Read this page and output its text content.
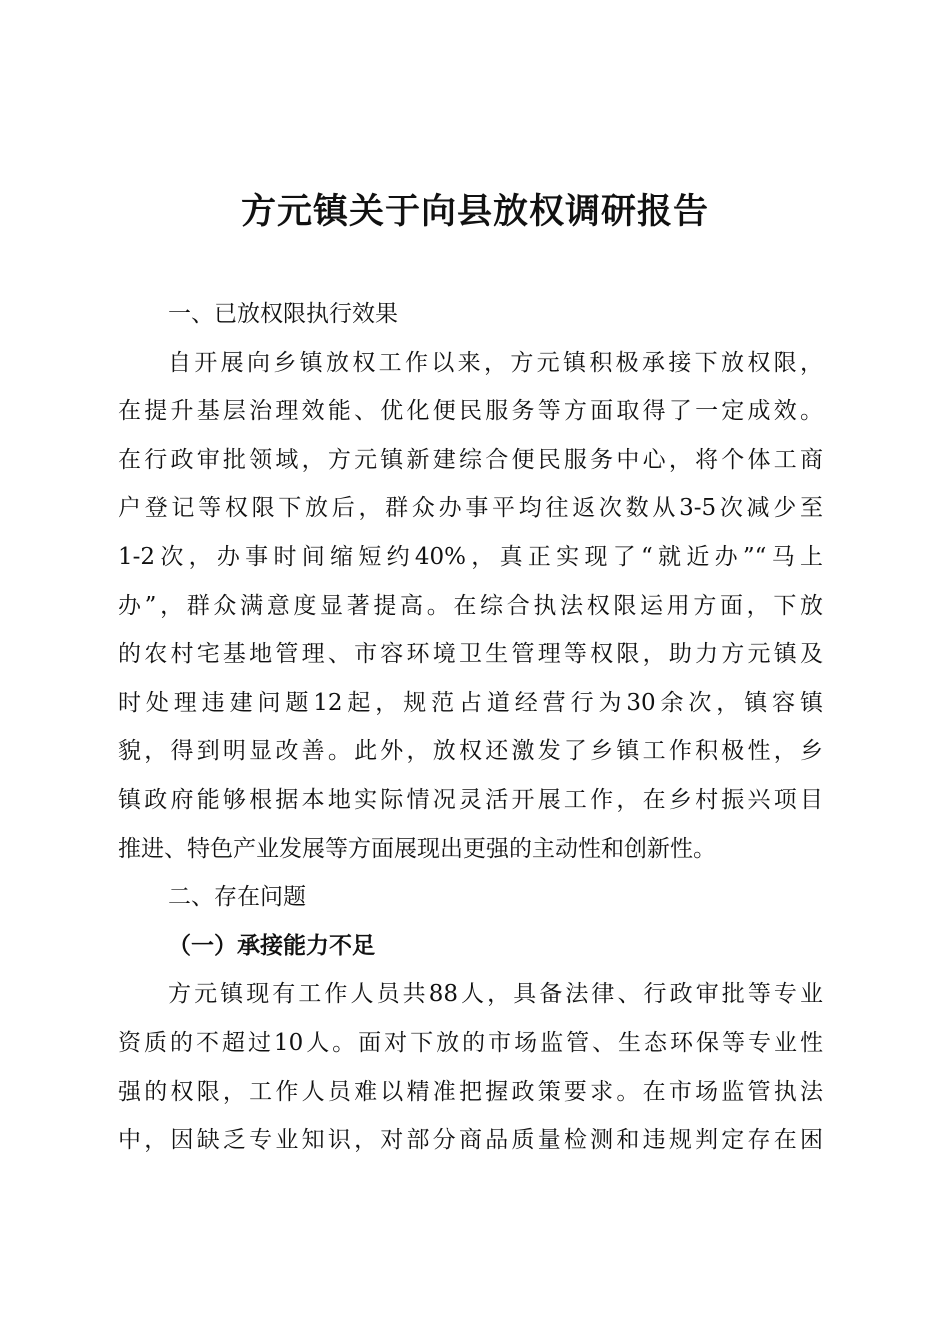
方元镇关于向县放权调研报告
一、已放权限执行效果
自开展向乡镇放权工作以来，方元镇积极承接下放权限，
在提升基层治理效能、优化便民服务等方面取得了一定成效。
在行政审批领域，方元镇新建综合便民服务中心，将个体工商
户登记等权限下放后，群众办事平均往返次数从3-5次减少至
1-2次，办事时间缩短约40%，真正实现了“就近办”“马上
办”，群众满意度显著提高。在综合执法权限运用方面，下放
的农村宅基地管理、市容环境卫生管理等权限，助力方元镇及
时处理违建问题12起，规范占道经营行为30余次，镇容镇
貌，得到明显改善。此外，放权还激发了乡镇工作积极性，乡
镇政府能够根据本地实际情况灵活开展工作，在乡村振兴项目
推进、特色产业发展等方面展现出更强的主动性和创新性。
二、存在问题
（一）承接能力不足
方元镇现有工作人员共88人，具备法律、行政审批等专业
资质的不超过10人。面对下放的市场监管、生态环保等专业性
强的权限，工作人员难以精准把握政策要求。在市场监管执法
中，因缺乏专业知识，对部分商品质量检测和违规判定存在困
